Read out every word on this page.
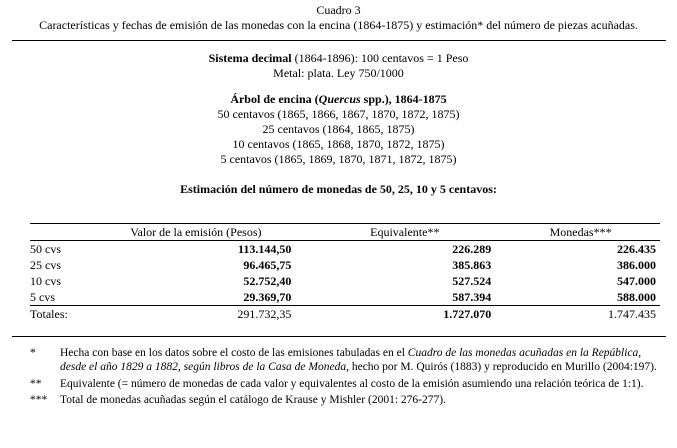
Cuadro 3
Características y fechas de emisión de las monedas con la encina (1864-1875) y estimación* del número de piezas acuñadas.
Sistema decimal (1864-1896): 100 centavos = 1 Peso
Metal: plata. Ley 750/1000
Árbol de encina (Quercus spp.), 1864-1875
50 centavos (1865, 1866, 1867, 1870, 1872, 1875)
25 centavos (1864, 1865, 1875)
10 centavos (1865, 1868, 1870, 1872, 1875)
5 centavos (1865, 1869, 1870, 1871, 1872, 1875)
Estimación del número de monedas de 50, 25, 10 y 5 centavos:
	Valor de la emisión (Pesos)	Equivalente**	Monedas***
50 cvs	113.144,50	226.289	226.435
25 cvs	96.465,75	385.863	386.000
10 cvs	52.752,40	527.524	547.000
5 cvs	29.369,70	587.394	588.000
Totales:	291.732,35	1.727.070	1.747.435
*	Hecha con base en los datos sobre el costo de las emisiones tabuladas en el Cuadro de las monedas acuñadas en la República, desde el año 1829 a 1882, según libros de la Casa de Moneda, hecho por M. Quirós (1883) y reproducido en Murillo (2004:197).
**	Equivalente (= número de monedas de cada valor y equivalentes al costo de la emisión asumiendo una relación teórica de 1:1).
***	Total de monedas acuñadas según el catálogo de Krause y Mishler (2001: 276-277).
